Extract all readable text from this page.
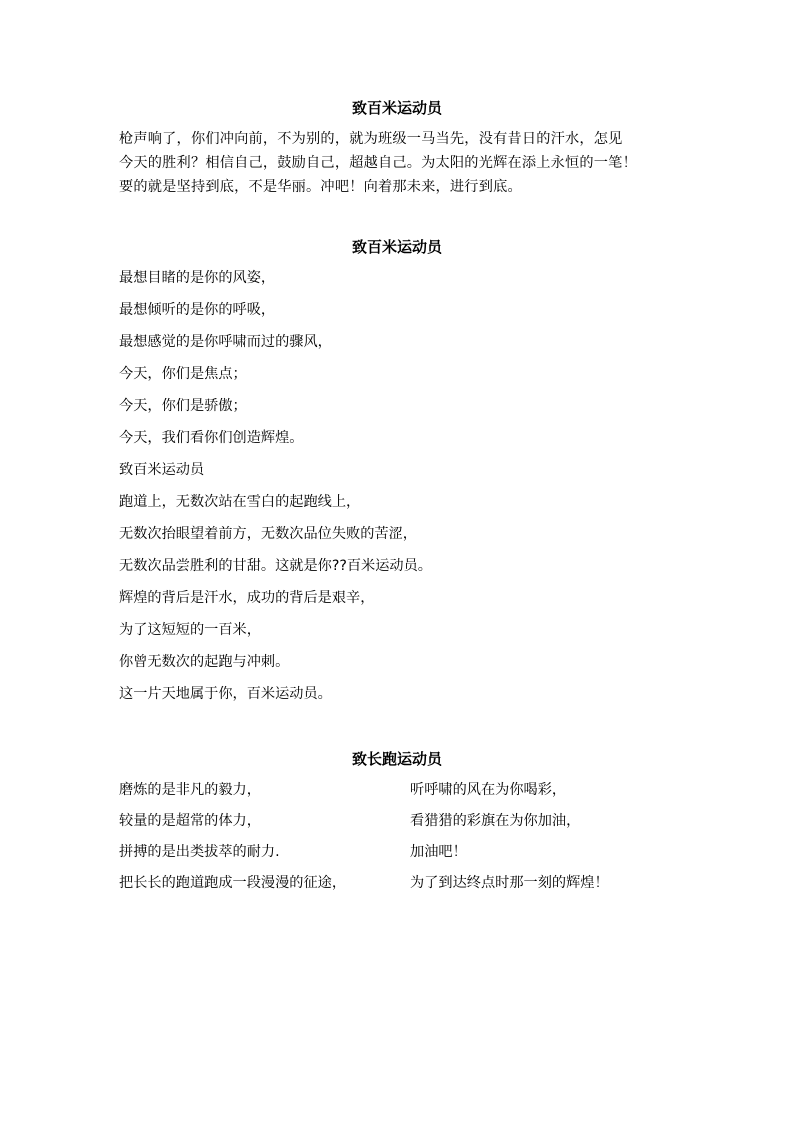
致百米运动员

枪声响了，你们冲向前，不为别的，就为班级一马当先，没有昔日的汗水，怎见

今天的胜利？相信自己，鼓励自己，超越自己。为太阳的光辉在添上永恒的一笔！

要的就是坚持到底，不是华丽。冲吧！向着那未来，进行到底。

致百米运动员

最想目睹的是你的风姿，

最想倾听的是你的呼吸，

最想感觉的是你呼啸而过的骤风，

今天，你们是焦点；

今天，你们是骄傲；

今天，我们看你们创造辉煌。

致百米运动员

跑道上，无数次站在雪白的起跑线上，

无数次抬眼望着前方，无数次品位失败的苦涩，

无数次品尝胜利的甘甜。这就是你??百米运动员。

辉煌的背后是汗水，成功的背后是艰辛，

为了这短短的一百米，

你曾无数次的起跑与冲刺。

这一片天地属于你，百米运动员。

致长跑运动员
磨炼的是非凡的毅力，	听呼啸的风在为你喝彩，
较量的是超常的体力，	看猎猎的彩旗在为你加油，
拼搏的是出类拔萃的耐力.	加油吧！
把长长的跑道跑成一段漫漫的征途，	为了到达终点时那一刻的辉煌！
